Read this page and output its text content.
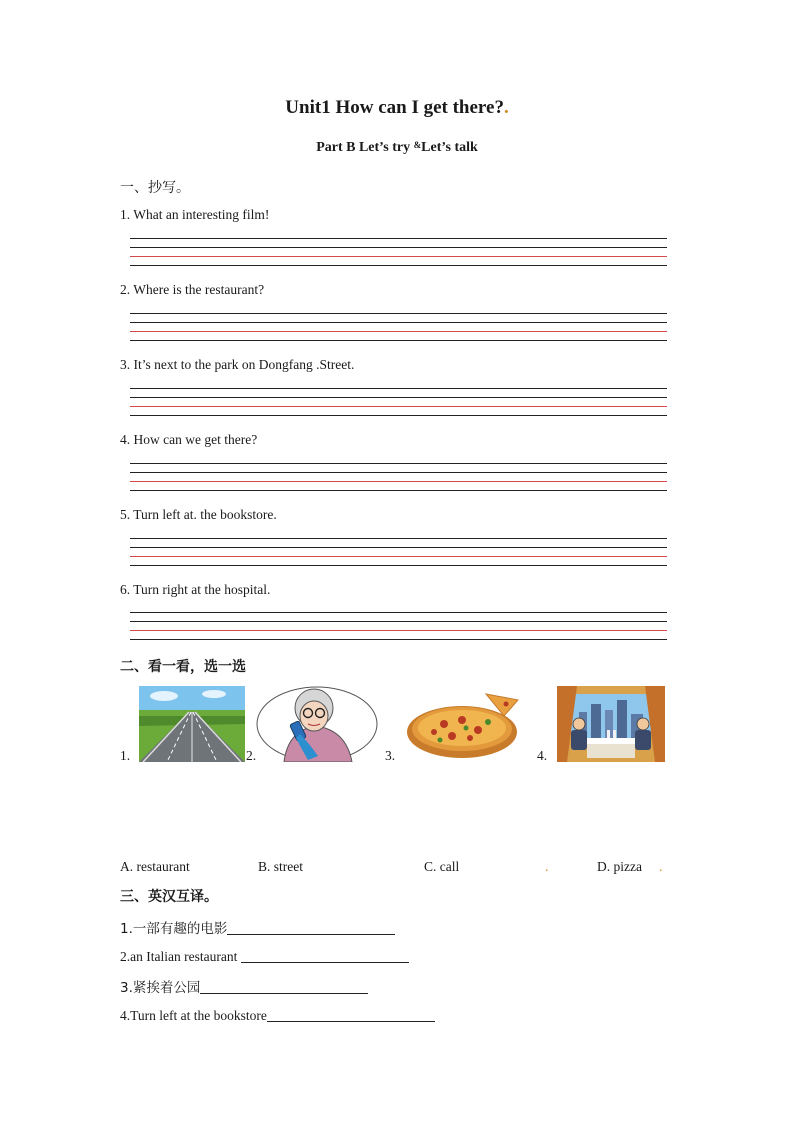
Unit1 How can I get there?.
Part B Let’s try &Let’s talk
一、抄写。
1. What an interesting film!
2. Where is the restaurant?
3. It’s next to the park on Dongfang .Street.
4. How can we get there?
5. Turn left at. the bookstore.
6. Turn right at the hospital.
二、看一看，选一选
1.	2.	3.	4.
A. restaurant	B. street	C. call	.	D. pizza .
三、英汉互译。
1.一部有趣的电影
2.an Italian restaurant
3.紧挨着公园
4.Turn left at the bookstore
